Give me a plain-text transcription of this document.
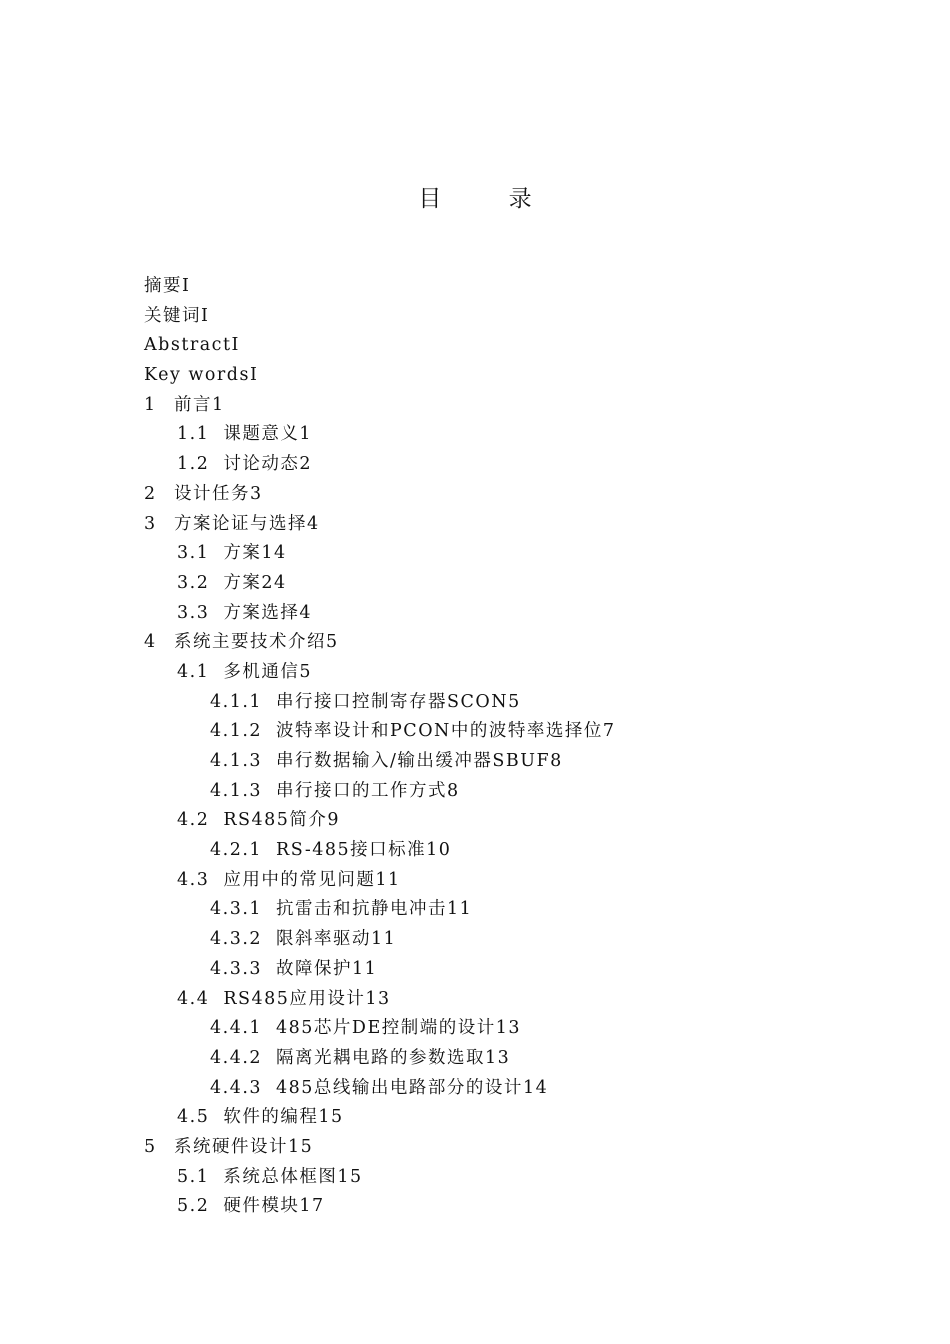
目 录
摘要I
关键词I
AbstractI
Key wordsI
1 前言1
1.1 课题意义1
1.2 讨论动态2
2 设计任务3
3 方案论证与选择4
3.1 方案14
3.2 方案24
3.3 方案选择4
4 系统主要技术介绍5
4.1 多机通信5
4.1.1 串行接口控制寄存器SCON5
4.1.2 波特率设计和PCON中的波特率选择位7
4.1.3 串行数据输入/输出缓冲器SBUF8
4.1.3 串行接口的工作方式8
4.2 RS485简介9
4.2.1 RS-485接口标准10
4.3 应用中的常见问题11
4.3.1 抗雷击和抗静电冲击11
4.3.2 限斜率驱动11
4.3.3 故障保护11
4.4 RS485应用设计13
4.4.1 485芯片DE控制端的设计13
4.4.2 隔离光耦电路的参数选取13
4.4.3 485总线输出电路部分的设计14
4.5 软件的编程15
5 系统硬件设计15
5.1 系统总体框图15
5.2 硬件模块17
